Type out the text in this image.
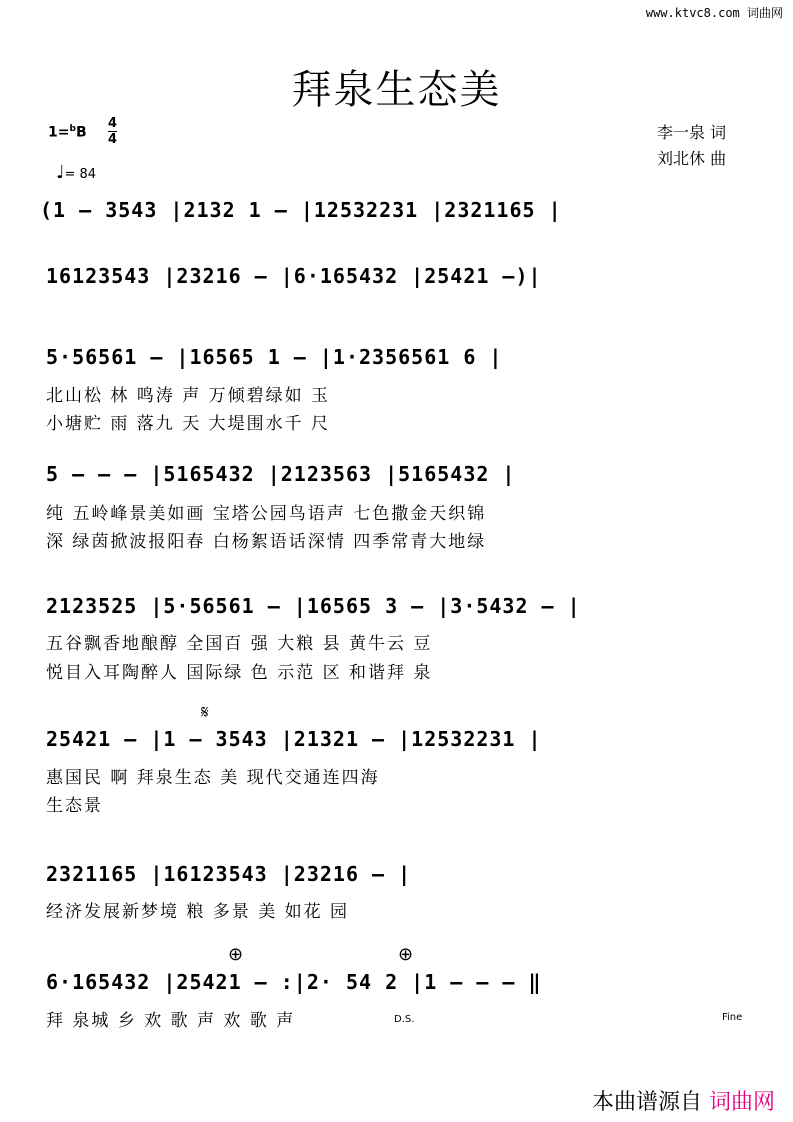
www.ktvc8.com 词曲网
拜泉生态美
$1=^bB \frac{4}{4}$
♩= 84
李一泉 词
刘北休 曲
(1 – 3543 |2132 1 – |12532231 |2321165 |
16123543 |23216 – |6·165432 |25421 –)|
5·56561 – |16565 1 – |1·2356561 6 |
北山松 林 鸣涛 声 万倾碧绿如 玉
小塘贮 雨 落九 天 大堤围水千 尺
5 – – – |5165432 |2123563 |5165432 |
纯 五岭峰景美如画 宝塔公园鸟语声 七色撒金天织锦
深 绿茵掀波报阳春 白杨絮语话深情 四季常青大地绿
2123525 |5·56561 – |16565 3 – |3·5432 – |
五谷飘香地酿醇 全国百 强 大粮 县 黄牛云 豆
悦目入耳陶醉人 国际绿 色 示范 区 和谐拜 泉
𝄋
25421 – |1 – 3543 |21321 – |12532231 |
惠国民 啊 拜泉生态 美 现代交通连四海
生态景
2321165 |16123543 |23216 – |
经济发展新梦境 粮 多景 美 如花 园
⊕	⊕
6·165432 |25421 – :|2· 54 2 |1 – – – ‖
拜 泉城 乡 欢 歌 声 欢 歌 声	D.S.	Fine
本曲谱源自 词曲网
